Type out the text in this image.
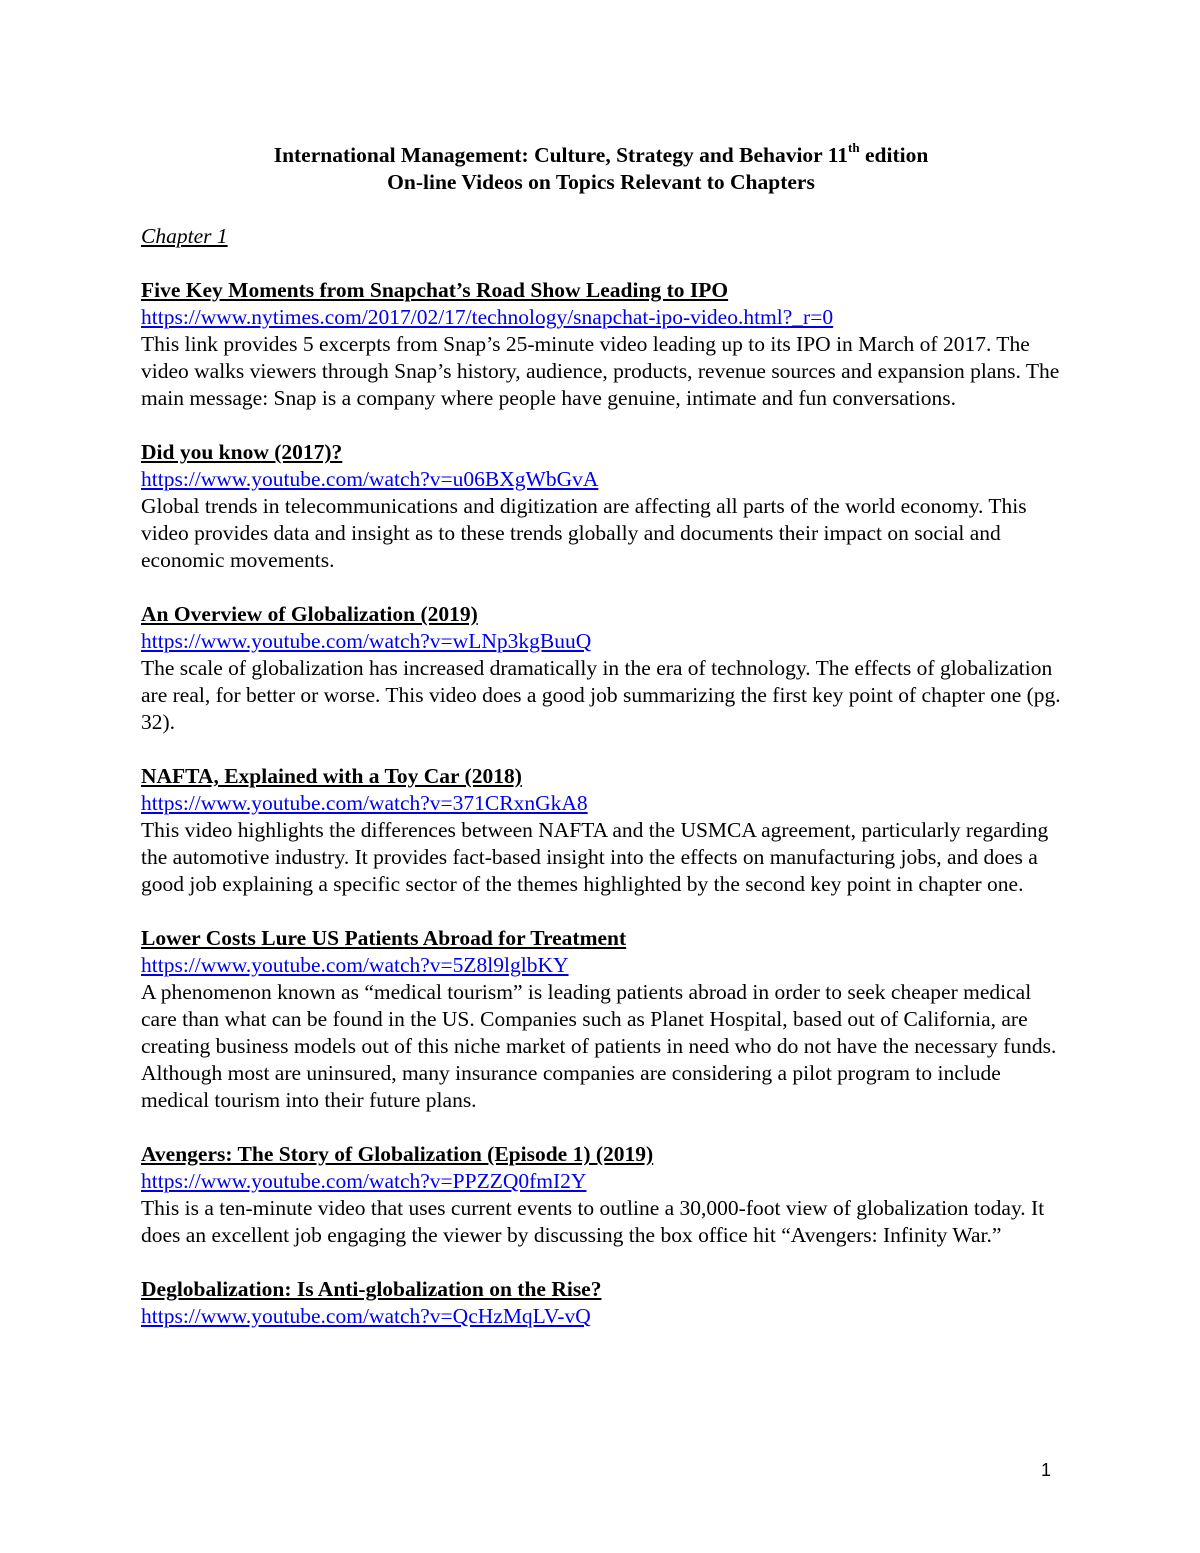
International Management: Culture, Strategy and Behavior 11th edition
On-line Videos on Topics Relevant to Chapters
Chapter 1
Five Key Moments from Snapchat’s Road Show Leading to IPO
https://www.nytimes.com/2017/02/17/technology/snapchat-ipo-video.html?_r=0
This link provides 5 excerpts from Snap’s 25-minute video leading up to its IPO in March of 2017. The video walks viewers through Snap’s history, audience, products, revenue sources and expansion plans. The main message: Snap is a company where people have genuine, intimate and fun conversations.
Did you know (2017)?
https://www.youtube.com/watch?v=u06BXgWbGvA
Global trends in telecommunications and digitization are affecting all parts of the world economy. This video provides data and insight as to these trends globally and documents their impact on social and economic movements.
An Overview of Globalization (2019)
https://www.youtube.com/watch?v=wLNp3kgBuuQ
The scale of globalization has increased dramatically in the era of technology. The effects of globalization are real, for better or worse. This video does a good job summarizing the first key point of chapter one (pg. 32).
NAFTA, Explained with a Toy Car (2018)
https://www.youtube.com/watch?v=371CRxnGkA8
This video highlights the differences between NAFTA and the USMCA agreement, particularly regarding the automotive industry. It provides fact-based insight into the effects on manufacturing jobs, and does a good job explaining a specific sector of the themes highlighted by the second key point in chapter one.
Lower Costs Lure US Patients Abroad for Treatment
https://www.youtube.com/watch?v=5Z8l9lglbKY
A phenomenon known as “medical tourism” is leading patients abroad in order to seek cheaper medical care than what can be found in the US. Companies such as Planet Hospital, based out of California, are creating business models out of this niche market of patients in need who do not have the necessary funds. Although most are uninsured, many insurance companies are considering a pilot program to include medical tourism into their future plans.
Avengers: The Story of Globalization (Episode 1) (2019)
https://www.youtube.com/watch?v=PPZZQ0fmI2Y
This is a ten-minute video that uses current events to outline a 30,000-foot view of globalization today. It does an excellent job engaging the viewer by discussing the box office hit “Avengers: Infinity War.”
Deglobalization: Is Anti-globalization on the Rise?
https://www.youtube.com/watch?v=QcHzMqLV-vQ
1
